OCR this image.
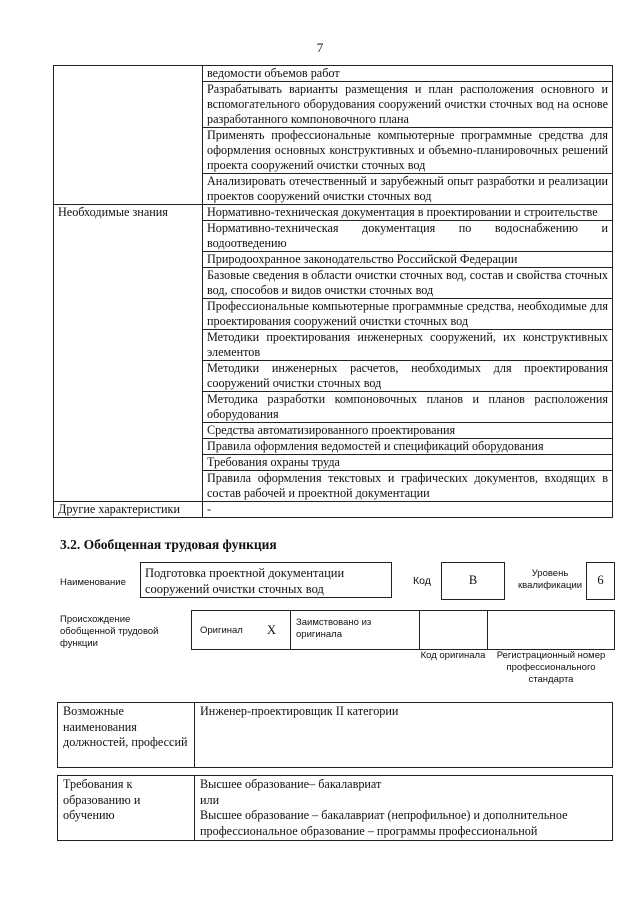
7
	ведомости объемов работ
	Разрабатывать варианты размещения и план расположения основного и вспомогательного оборудования сооружений очистки сточных вод на основе разработанного компоновочного плана
	Применять профессиональные компьютерные программные средства для оформления основных конструктивных и объемно-планировочных решений проекта сооружений очистки сточных вод
	Анализировать отечественный и зарубежный опыт разработки и реализации проектов сооружений очистки сточных вод
Необходимые знания	Нормативно-техническая документация в проектировании и строительстве
	Нормативно-техническая документация по водоснабжению и водоотведению
	Природоохранное законодательство Российской Федерации
	Базовые сведения в области очистки сточных вод, состав и свойства сточных вод, способов и видов очистки сточных вод
	Профессиональные компьютерные программные средства, необходимые для проектирования сооружений очистки сточных вод
	Методики проектирования инженерных сооружений, их конструктивных элементов
	Методики инженерных расчетов, необходимых для проектирования сооружений очистки сточных вод
	Методика разработки компоновочных планов и планов расположения оборудования
	Средства автоматизированного проектирования
	Правила оформления ведомостей и спецификаций оборудования
	Требования охраны труда
	Правила оформления текстовых и графических документов, входящих в состав рабочей и проектной документации
Другие характеристики	-
3.2. Обобщенная трудовая функция
Наименование
Подготовка проектной документации сооружений очистки сточных вод
Код	B	Уровень квалификации	6
Происхождение обобщенной трудовой функции
Оригинал X
Заимствовано из оригинала
Код оригинала	Регистрационный номер профессионального стандарта
Возможные наименования должностей, профессий	Инженер-проектировщик II категории
Требования к образованию и обучению	
Высшее образование– бакалавриат
или
Высшее образование – бакалавриат (непрофильное) и дополнительное профессиональное образование – программы профессиональной
